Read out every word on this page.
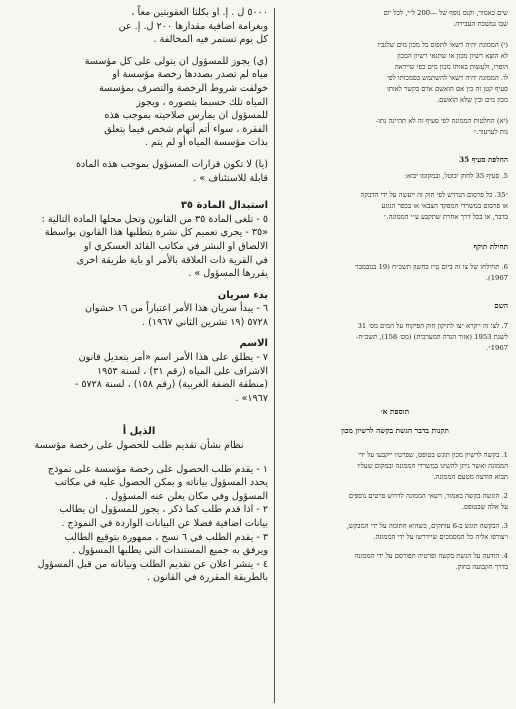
٥٠٠٠ ل . إ. او بكلتا العقوبتين معاً ،

وبغرامة اضافية مقدارها ٢٠٠ ل. إ. عن

كل يوم تستمر فيه المخالفة .

(ي) يجوز للمسؤول ان يتولى على كل مؤسسة

مياه لم تصدر بصددها رخصة مؤسسة او

خولفت شروط الرخصة والتصرف بمؤسسة

المياه تلك حسبما يتصوره ، ويجوز

للمسؤول ان يمارس صلاحيته بموجب هذه

الفقرة ، سواء أتم أتهام شخص فيما يتعلق

بذات مؤسسة المياه أو لم يتم .

(يا) لا تكون قرارات المسؤول بموجب هذه المادة

قابلة للاستئناف » .

استبدال المادة ٣٥

٥ - تلغى المادة ٣٥ من القانون وتحل محلها المادة التالية :

«٣٥ - يجري تعميم كل نشرة يتطلبها هذا القانون بواسطة

الالصاق او النشر في مكاتب القائد العسكري او

في القرية ذات العلاقة بالأمر او باية طريقة اخرى

يقررها المسؤول » .

بدء سريان

٦ - يبدأ سريان هذا الأمر اعتباراً من ١٦ حشوان

٥٧٢٨ (١٩ تشرين الثاني ١٩٦٧) .

الاسم

٧ - يطلق على هذا الأمر اسم «أمر بتعديل قانون

الاشراف على المياه (رقم ٣١) ، لسنة ١٩٥٣

(منطقة الضفة الغربية) (رقم ١٥٨) ، لسنة ٥٧٢٨ -

١٩٦٧» .

الذيل أ

نظام بشأن تقديم طلب للحصول على رخصة مؤسسة

١ - يقدم طلب الحصول على رخصة مؤسسة على نموذج

يحدد المسؤول بياناته و يمكن الحصول عليه في مكاتب

المسؤول وفي مكان يعلن عنه المسؤول .

٢ - اذا قدم طلب كما ذكر ، يجوز للمسؤول ان يطالب

بيانات اضافية فضلا عن البيانات الواردة في النموذج .

٣ - يقدم الطلب في ٦ نسخ ، ممهورة بتوقيع الطالب

ويرفق به جميع المستندات التي يطلبها المسؤول .

٤ - ينشر اعلان عن تقديم الطلب وبياناته من قبل المسؤول

بالطريقة المقررة في القانون .

שים כאמור, וקנס נוסף של —200 ל״י, לכל יום

שבו נמשכת העבירה.

(י) הממונה יהיה רשאי לתפוס כל מכון מים שלגביו

לא הוצא רשיון מכון או שתנאי רשיון המכון

הופרו, ולעשות באותו מכון מים כפי שייראה

לו. הממונה יהיה רשאי להשתמש בסמכותו לפי

סעיף קטן זה בין אם הואשם אדם בקשר לאותו

מכון מים ובין שלא הואשם.

(יא) החלטות הממונה לפי סעיף זה לא תהיינה נתו-

נות לערעור.״

החלפת סעיף 35

5. סעיף 35 לחוק יבוטל, ובמקומו יבוא:

״35. כל פרסום הנדרש לפי חוק זה ייעשה על ידי הדבקה

או פרסום במשרדי המפקד הצבאי או בכפר הנוגע

בדבר, או בכל דרך אחרת שתקבע ע״י הממונה.״

תחילת תוקף

6. תחילתו של צו זה ביום ט״ז בחשון תשכ״ח (19 בנובמבר

1967).

השם

7. לצו זה ייקרא ״צו לתיקון חוק הפיקוח על המים מס׳ 31

לשנת 1953 (אזור הגדה המערבית) (מס׳ 158), תשכ״ח-

1967״.

תוספת א׳

תקנות בדבר הגשת בקשה לרשיון מכון

1. בקשה לרשיון מכון תוגש בטופס, שפרטיו ייקבעו על ידי

הממונה ואשר ניתן להשיגו במשרדי הממונה ובמקום שעליו

תבוא הודעה מטעם הממונה.

2. הוגשה בקשה כאמור, רשאי הממונה לדרוש פרטים נוספים

על אלה שבטופס.

3. הבקשה תוגש ב-6 עותקים, כשהיא חתומה על ידי המבקש,

ויצורפו אליה כל המסמכים שיידרשו על ידי הממונה.

4. הודעה על הגשת בקשה ופרטיה תפורסם על ידי הממונה

בדרך הקבועה בחוק.
